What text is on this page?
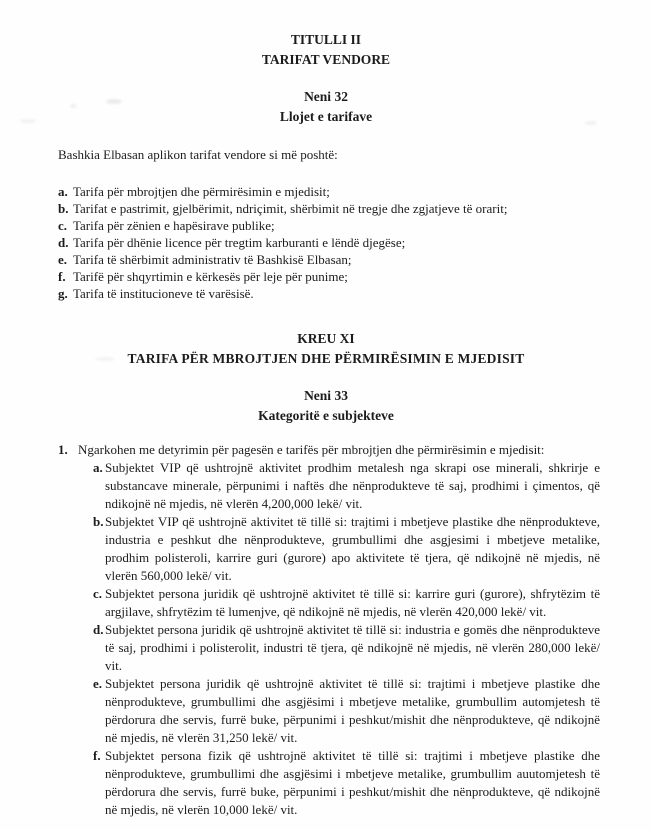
TITULLI II
TARIFAT VENDORE
Neni 32
Llojet e tarifave

Bashkia Elbasan aplikon tarifat vendore si më poshtë:

a. Tarifa për mbrojtjen dhe përmirësimin e mjedisit;
b. Tarifat e pastrimit, gjelbërimit, ndriçimit, shërbimit në tregje dhe zgjatjeve të orarit;
c. Tarifa për zënien e hapësirave publike;
d. Tarifa për dhënie licence për tregtim karburanti e lëndë djegëse;
e. Tarifa të shërbimit administrativ të Bashkisë Elbasan;
f. Tarifë për shqyrtimin e kërkesës për leje për punime;
g. Tarifa të institucioneve të varësisë.
KREU XI
TARIFA PËR MBROJTJEN DHE PËRMIRËSIMIN E MJEDISIT
Neni 33
Kategoritë e subjekteve
1. Ngarkohen me detyrimin për pagesën e tarifës për mbrojtjen dhe përmirësimin e mjedisit:
a. Subjektet VIP që ushtrojnë aktivitet prodhim metalesh nga skrapi ose minerali, shkrirje e substancave minerale, përpunimi i naftës dhe nënprodukteve të saj, prodhimi i çimentos, që ndikojnë në mjedis, në vlerën 4,200,000 lekë/ vit.
b. Subjektet VIP që ushtrojnë aktivitet të tillë si: trajtimi i mbetjeve plastike dhe nënprodukteve, industria e peshkut dhe nënprodukteve, grumbullimi dhe asgjesimi i mbetjeve metalike, prodhim polisteroli, karrire guri (gurore) apo aktivitete të tjera, që ndikojnë në mjedis, në vlerën 560,000 lekë/ vit.
c. Subjektet persona juridik që ushtrojnë aktivitet të tillë si: karrire guri (gurore), shfrytëzim të argjilave, shfrytëzim të lumenjve, që ndikojnë në mjedis, në vlerën 420,000 lekë/ vit.
d. Subjektet persona juridik që ushtrojnë aktivitet të tillë si: industria e gomës dhe nënprodukteve të saj, prodhimi i polisterolit, industri të tjera, që ndikojnë në mjedis, në vlerën 280,000 lekë/ vit.
e. Subjektet persona juridik që ushtrojnë aktivitet të tillë si: trajtimi i mbetjeve plastike dhe nënprodukteve, grumbullimi dhe asgjësimi i mbetjeve metalike, grumbullim automjetesh të përdorura dhe servis, furrë buke, përpunimi i peshkut/mishit dhe nënprodukteve, që ndikojnë në mjedis, në vlerën 31,250 lekë/ vit.
f. Subjektet persona fizik që ushtrojnë aktivitet të tillë si: trajtimi i mbetjeve plastike dhe nënprodukteve, grumbullimi dhe asgjësimi i mbetjeve metalike, grumbullim auutomjetesh të përdorura dhe servis, furrë buke, përpunimi i peshkut/mishit dhe nënprodukteve, që ndikojnë në mjedis, në vlerën 10,000 lekë/ vit.
